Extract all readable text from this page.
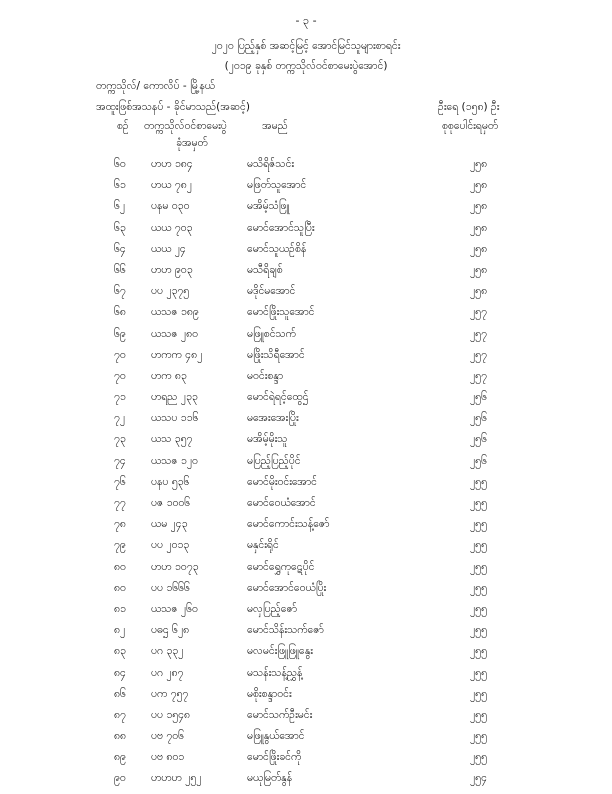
- ၃ -
၂၀၂၀ ပြည့်နှစ် အဆင့်မြင့် အောင်မြင်သူများစာရင်း
(၂၀၁၉ ခုနှစ် တက္ကသိုလ်ဝင်စာမေးပွဲအောင်)
တက္ကသိုလ်/ ကောလိပ် - မြို့နယ်
အထူးဖြစ်အသနပ် - ခိုင်မာသည်(အဆင့်)	ဦးရေ (၁၅၈) ဦး
စဉ် တက္ကသိုလ်ဝင်စာမေးပွဲ
ခုံအမှတ်
အမည်	စုစုပေါင်းရမှတ်
၆၀ ဟဟ ၁၈၄	မသိရိဇ်သင်း	၂၅၈
၆၁ ဟယ ၇၈၂	မဖြတ်သူအောင်	၂၅၈
၆၂ ပနမ ၀၃၀	မအိမ့်သံဖြူ	၂၅၈
၆၃ ယယ ၇၀၃	မောင်အောင်သူပြီး	၂၅၈
၆၄ ယယ ၂၄	မောင်သူယဉ်စိန်	၂၅၈
၆၆ ဟဟ ၉၀၃	မသီရိချစ်	၂၅၈
၆၇ ပပ ၂၃၇၅	မဒိုင်မအောင်	၂၅၈
၆၈ ယသဇ ၁၈၉	မောင်ဖြိုးသူအောင်	၂၅၇
၆၉ ယသဇ ၂၈၀	မဖြူစင်သက်	၂၅၇
၇၀ ဟကက ၄၈၂	မဖြိုးသိရီအောင်	၂၅၇
၇၀ ဟက ၈၃	မဝင်းစန္ဒာ	၂၅၇
၇၁ ဟရည ၂၃၃	မောင်ရဲရင့်ထွေဌ်	၂၅၆
၇၂ ယသပ ၁၁၆	မအေးအေးပြိုး	၂၅၆
၇၃ ယသ ၃၅၇	မအိမ့်မိုးသူ	၂၅၆
၇၄ ယသဇ ၁၂၀	မပြည့်ပြည့်ပိုင်	၂၅၆
၇၆ ပနပ ၅၃၆	မောင်မိုးဝင်းအောင်	၂၅၅
၇၇ ပဇ ၁၀၀၆	မောင်ဝေယံအောင်	၂၅၅
၇၈ ယမ ၂၄၃	မောင်ကောင်းသန့်ဇော်	၂၅၅
၇၉ ပပ ၂၀၁၃	မနှင်းရိုင်	၂၅၅
၈၀ ဟဟ ၁၀၇၃	မောင်ရွှေကုဋေပိုင်	၂၅၅
၈၀ ပပ ၁၆၆၆	မောင်အောင်ဝေယံပြိုး	၂၅၅
၈၁ ယသဇ ၂၆၀	မလှပြည့်ဇော်	၂၅၅
၈၂ ပဓဌ ၆၂၈	မောင်သိန်းသက်ဇော်	၂၅၅
၈၃ ပဂ ၃၃၂	မလမင်းဖြူဖြူနွေး	၂၅၅
၈၄ ပဂ ၂၈၇	မသန်းသန့်ညွှန့်	၂၅၅
၈၆ ပက ၇၅၇	မစိုးစန္ဒာဝင်း	၂၅၅
၈၇ ပပ ၁၅၄၈	မောင်သက်ဦးမင်း	၂၅၅
၈၈ ပဗ ၇၀၆	မဖြူနွယ်အောင်	၂၅၅
၈၉ ပဗ ၈၀၁	မောင်ဖြိုးခင်ကို	၂၅၅
၉၀ ဟဟဟ ၂၅၂	မယုမြတ်နွန်	၂၅၄
